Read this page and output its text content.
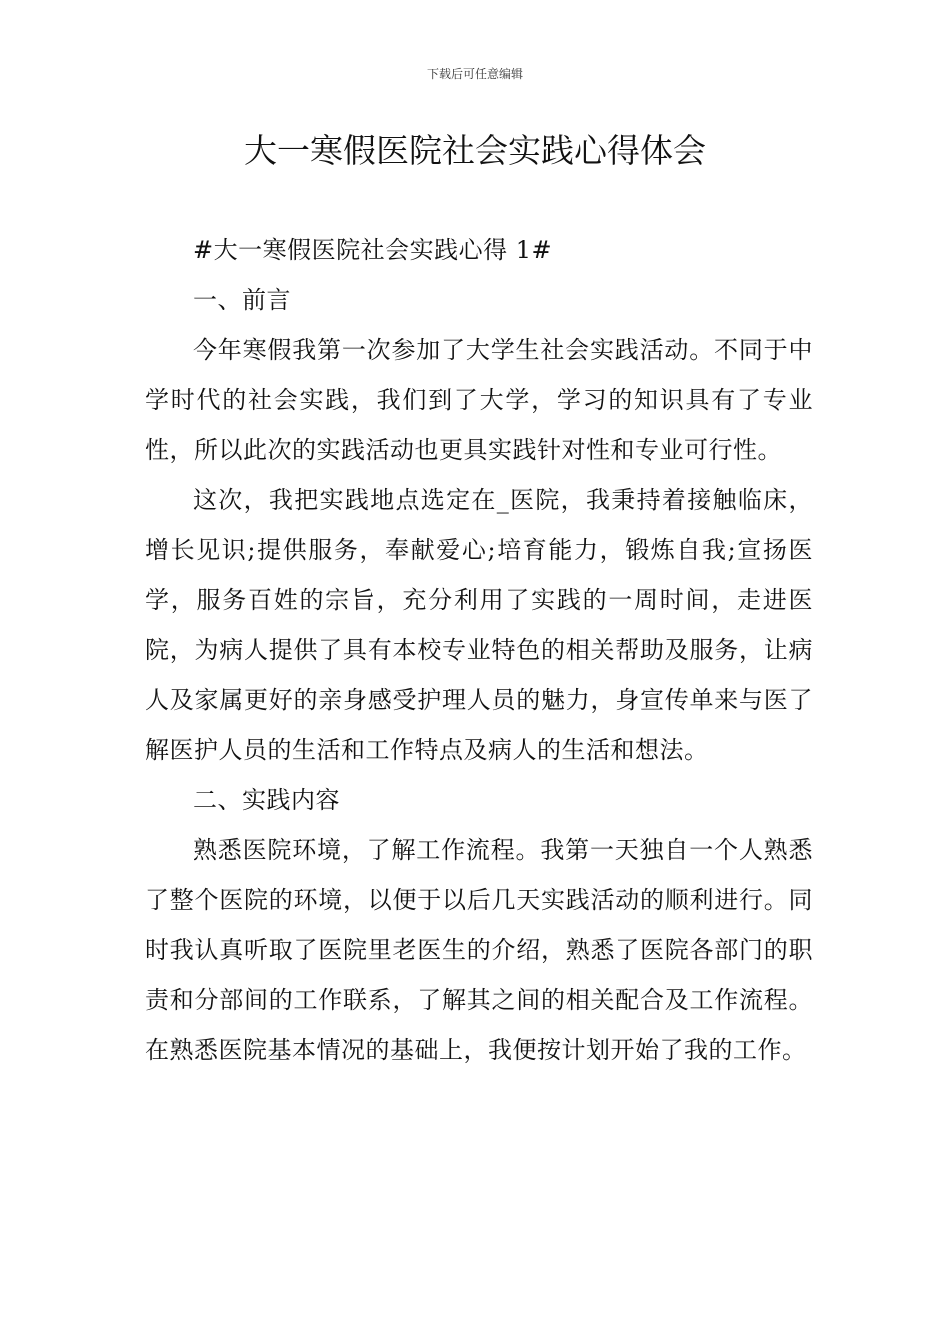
下载后可任意编辑
大一寒假医院社会实践心得体会

#大一寒假医院社会实践心得 1#

一、前言

今年寒假我第一次参加了大学生社会实践活动。不同于中学时代的社会实践，我们到了大学，学习的知识具有了专业性，所以此次的实践活动也更具实践针对性和专业可行性。

这次，我把实践地点选定在_医院，我秉持着接触临床，增长见识;提供服务，奉献爱心;培育能力，锻炼自我;宣扬医学，服务百姓的宗旨，充分利用了实践的一周时间，走进医院，为病人提供了具有本校专业特色的相关帮助及服务，让病人及家属更好的亲身感受护理人员的魅力，身宣传单来与医了解医护人员的生活和工作特点及病人的生活和想法。

二、实践内容

熟悉医院环境，了解工作流程。我第一天独自一个人熟悉了整个医院的环境，以便于以后几天实践活动的顺利进行。同时我认真听取了医院里老医生的介绍，熟悉了医院各部门的职责和分部间的工作联系，了解其之间的相关配合及工作流程。在熟悉医院基本情况的基础上，我便按计划开始了我的工作。
